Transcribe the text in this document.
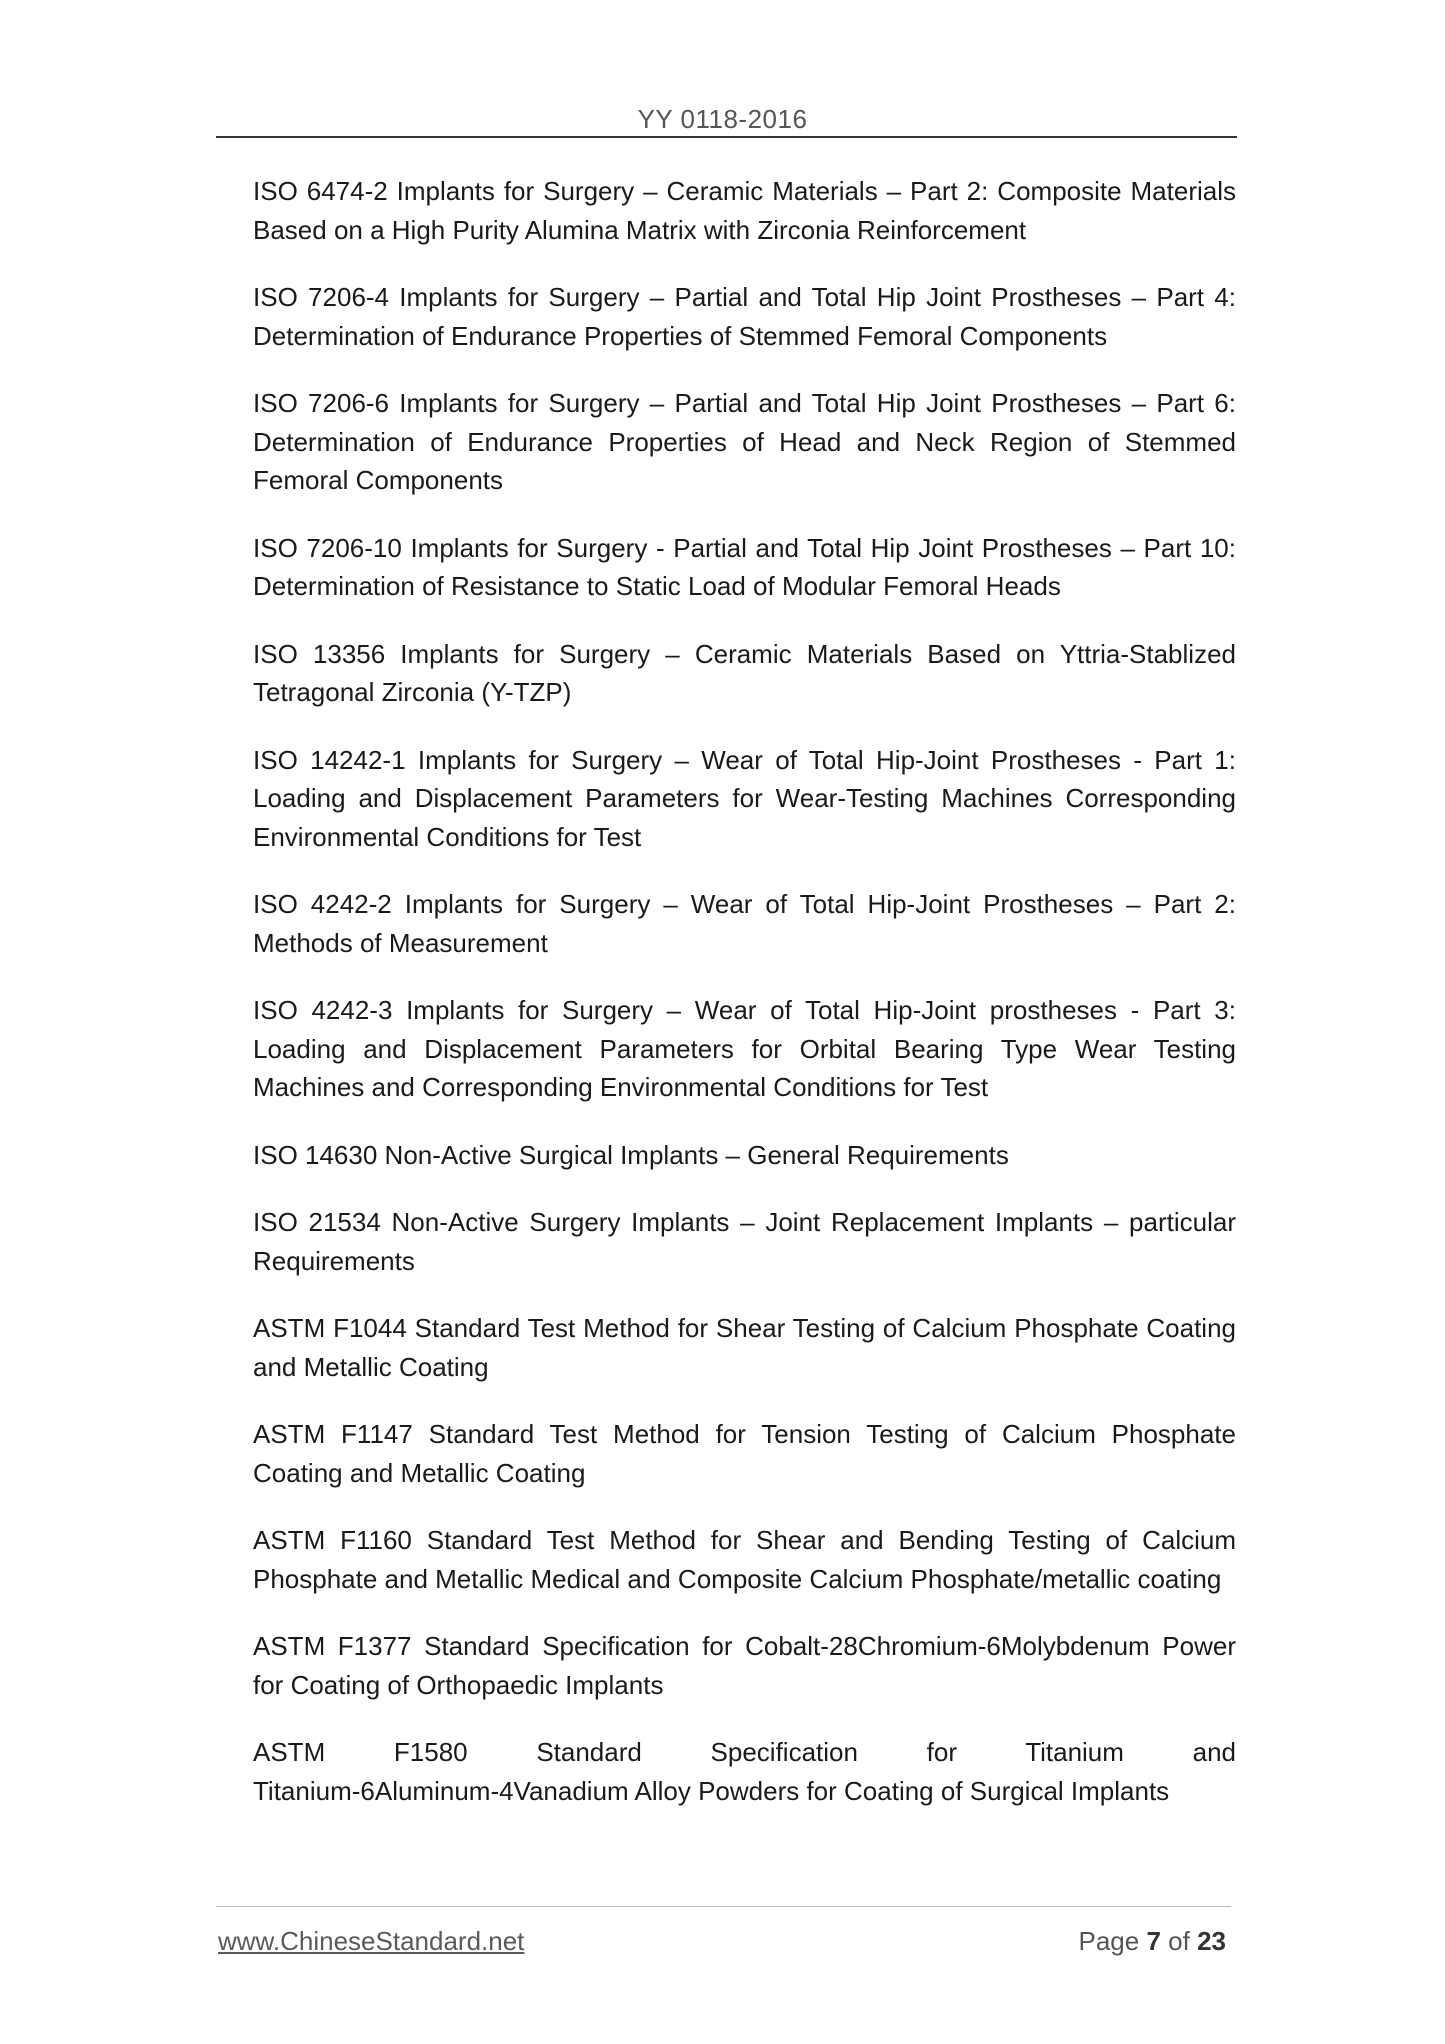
YY 0118-2016

ISO 6474-2 Implants for Surgery – Ceramic Materials – Part 2: Composite Materials Based on a High Purity Alumina Matrix with Zirconia Reinforcement

ISO 7206-4 Implants for Surgery – Partial and Total Hip Joint Prostheses – Part 4: Determination of Endurance Properties of Stemmed Femoral Components

ISO 7206-6 Implants for Surgery – Partial and Total Hip Joint Prostheses – Part 6: Determination of Endurance Properties of Head and Neck Region of Stemmed Femoral Components

ISO 7206-10 Implants for Surgery - Partial and Total Hip Joint Prostheses – Part 10: Determination of Resistance to Static Load of Modular Femoral Heads

ISO 13356 Implants for Surgery – Ceramic Materials Based on Yttria-Stablized Tetragonal Zirconia (Y-TZP)

ISO 14242-1 Implants for Surgery – Wear of Total Hip-Joint Prostheses - Part 1: Loading and Displacement Parameters for Wear-Testing Machines Corresponding Environmental Conditions for Test

ISO 4242-2 Implants for Surgery – Wear of Total Hip-Joint Prostheses – Part 2: Methods of Measurement

ISO 4242-3 Implants for Surgery – Wear of Total Hip-Joint prostheses - Part 3: Loading and Displacement Parameters for Orbital Bearing Type Wear Testing Machines and Corresponding Environmental Conditions for Test

ISO 14630 Non-Active Surgical Implants – General Requirements

ISO 21534 Non-Active Surgery Implants – Joint Replacement Implants – particular Requirements

ASTM F1044 Standard Test Method for Shear Testing of Calcium Phosphate Coating and Metallic Coating

ASTM F1147 Standard Test Method for Tension Testing of Calcium Phosphate Coating and Metallic Coating

ASTM F1160 Standard Test Method for Shear and Bending Testing of Calcium Phosphate and Metallic Medical and Composite Calcium Phosphate/metallic coating

ASTM F1377 Standard Specification for Cobalt-28Chromium-6Molybdenum Power for Coating of Orthopaedic Implants

ASTM F1580 Standard Specification for Titanium and
Titanium-6Aluminum-4Vanadium Alloy Powders for Coating of Surgical Implants
www.ChineseStandard.net	Page 7 of 23
